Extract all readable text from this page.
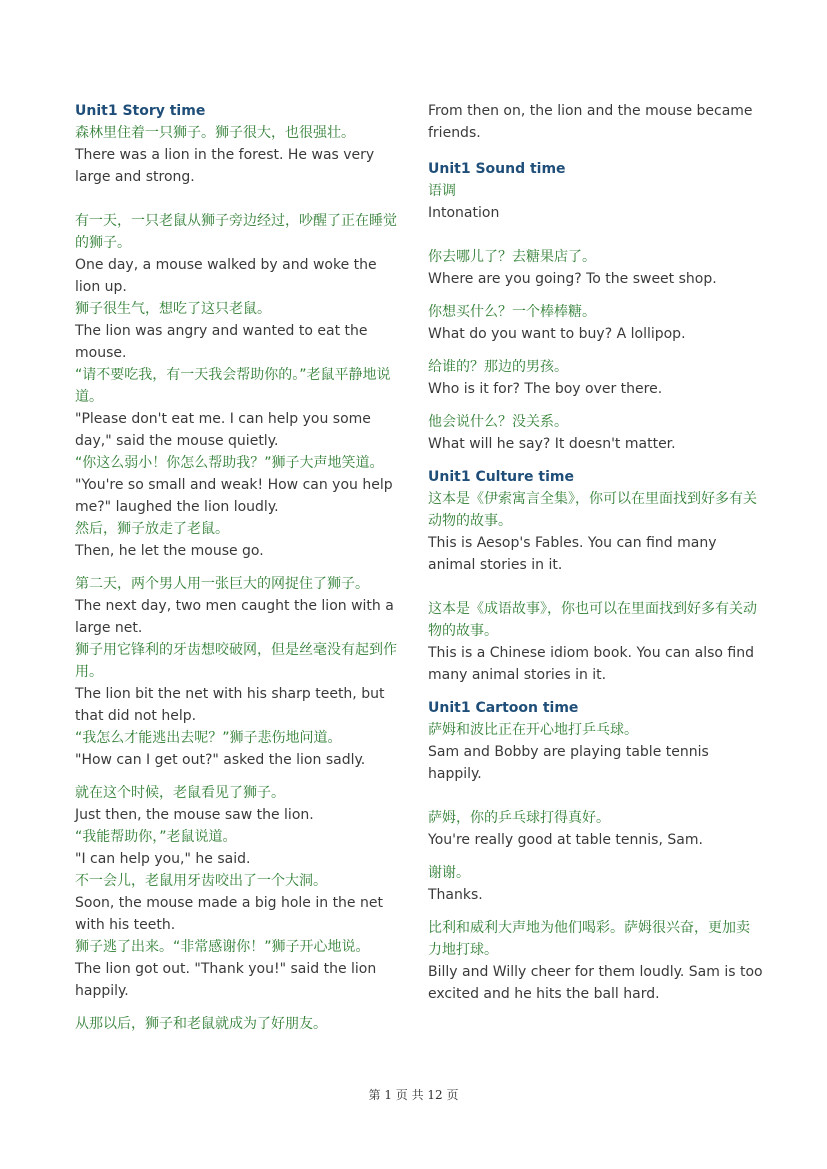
Unit1 Story time

森林里住着一只狮子。狮子很大，也很强壮。

There was a lion in the forest. He was very large and strong.

有一天，一只老鼠从狮子旁边经过，吵醒了正在睡觉的狮子。

One day, a mouse walked by and woke the lion up.

狮子很生气，想吃了这只老鼠。

The lion was angry and wanted to eat the mouse.

“请不要吃我，有一天我会帮助你的。”老鼠平静地说道。

"Please don't eat me. I can help you some day," said the mouse quietly.

“你这么弱小！你怎么帮助我？”狮子大声地笑道。

"You're so small and weak! How can you help me?" laughed the lion loudly.

然后，狮子放走了老鼠。

Then, he let the mouse go.

第二天，两个男人用一张巨大的网捉住了狮子。

The next day, two men caught the lion with a large net.

狮子用它锋利的牙齿想咬破网，但是丝毫没有起到作用。

The lion bit the net with his sharp teeth, but that did not help.

“我怎么才能逃出去呢？”狮子悲伤地问道。

"How can I get out?" asked the lion sadly.

就在这个时候，老鼠看见了狮子。

Just then, the mouse saw the lion.

“我能帮助你，”老鼠说道。

"I can help you," he said.

不一会儿，老鼠用牙齿咬出了一个大洞。

Soon, the mouse made a big hole in the net with his teeth.

狮子逃了出来。“非常感谢你！”狮子开心地说。

The lion got out. "Thank you!" said the lion happily.

从那以后，狮子和老鼠就成为了好朋友。

From then on, the lion and the mouse became friends.

Unit1 Sound time

语调

Intonation

你去哪儿了？去糖果店了。

Where are you going? To the sweet shop.

你想买什么？一个棒棒糖。

What do you want to buy? A lollipop.

给谁的？那边的男孩。

Who is it for? The boy over there.

他会说什么？没关系。

What will he say? It doesn't matter.

Unit1 Culture time

这本是《伊索寓言全集》，你可以在里面找到好多有关动物的故事。

This is Aesop's Fables. You can find many animal stories in it.

这本是《成语故事》，你也可以在里面找到好多有关动物的故事。

This is a Chinese idiom book. You can also find many animal stories in it.

Unit1 Cartoon time

萨姆和波比正在开心地打乒乓球。

Sam and Bobby are playing table tennis happily.

萨姆，你的乒乓球打得真好。

You're really good at table tennis, Sam.

谢谢。

Thanks.

比利和威利大声地为他们喝彩。萨姆很兴奋，更加卖力地打球。

Billy and Willy cheer for them loudly. Sam is too excited and he hits the ball hard.

第 1 页 共 12 页
